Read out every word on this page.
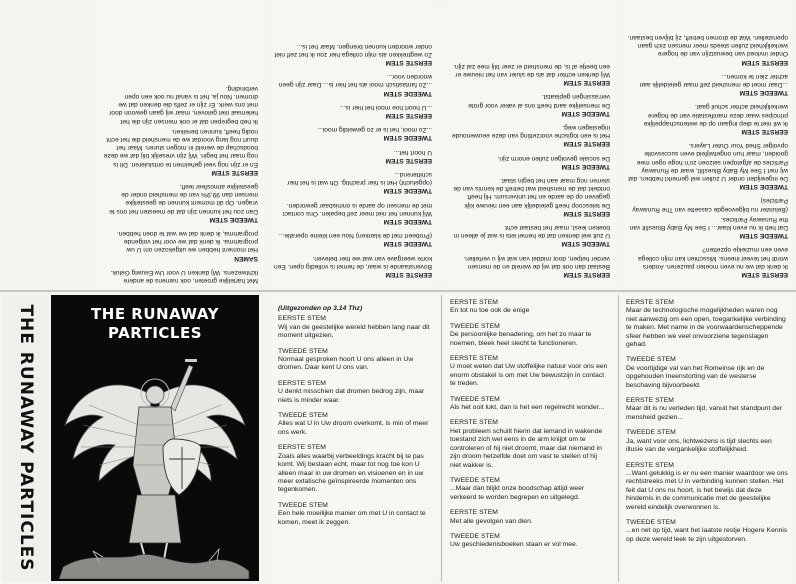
Met hartelijke groeten, ook namens de andere lichtwezens. Wij danken U voor Uw Eeuwig Geluk.

SAMEN

Het moment hebben we uitgekozen om U uw programma. Ik denk dat we voor het volgende programma, ik denk dat we wat te doen hebben.

TWEEDE STEM

Dan zou het kunnen zijn dat de meesten het ons te vragen. Op dit moment kunnen de geestelijke mensen dan 99,9% van de mensheid onder de geestelijke atmosfeer leeft.

EERSTE STEM

En er zijn nog veel geheimen te ontsluieren. Dit is nog maar het begin. Wij zijn vreselijk blij dat we deze boodschap de wereld in mogen sturen. Maar het duurt nog lang voordat we de mensheid die het echt nodig heeft, kunnen bereiken.

Ik heb begrepen dat er ook mensen zijn die het helemaal niet geloven, maar wij gaan gewoon door met ons werk. Er zijn er zelfs die denken dat we dromen. Nou ja, het is vanaf nu ook een open verbinding.

EERSTE STEM

Bovenstaande is waar, de hemel is volledig open. Een korte weergave van wat we hier beleven.

TWEEDE STEM

(Probeert met de klanken) Nou een kleine operatie...

TWEEDE STEM

Wij kunnen het niet meer zelf bepalen. Ons contact met de mensen op aarde is onmisbaar geworden.

TWEEDE STEM

(opgelucht) Het is hier prachtig. Oh wat is het hier schitterend...

EERSTE STEM

U hoort het...

TWEEDE STEM

...Zo mooi, het is er zo geweldig mooi...

EERSTE STEM

...U hoort hoe mooi het hier is...

TWEEDE STEM

...Zo fantastisch mooi als het hier is... Daar zijn geen woorden voor...

EERSTE STEM

Zo wegtrekken als mijn collega hier zou ik het zelf niet onder woorden kunnen brengen. Maar het is...

EERSTE STEM

Bestaat dan ook dat wij de wereld en de mensen verder helpen, door middel van wat wij u vertellen.

TWEEDE STEM

U zult wel denken dat de hemel iets is wat je alleen in boeken leest, maar het bestaat echt.

EERSTE STEM

De telescoop heeft geleidelijk aan een nieuwe kijk gegeven op de aarde en het universum. Hij heeft ontdekt dat de mensheid wat betreft de kennis van de sterren nog maar aan het begin staat.

TWEEDE STEM

De sociale gevolgen zullen enorm zijn.

EERSTE STEM

Het is een logische voorzetting van deze eeuwenoude ingeslagen weg.

TWEEDE STEM

De menselijke aard heeft ons al vaker voor grote verrassingen geplaatst.

EERSTE STEM

Wij denken echter dat als de sluier van het nieuwe er een beetje af is, de mensheid er zeer blij mee zal zijn.

EERSTE STEM

Ik denk dat we nu even moeten pauzeren. Anders wordt het teveel ineens. Misschien kan mijn collega even een muziekje opzetten?

TWEEDE STEM

Dat heb ik nu even klaar... I See My Baby Bluesfilt van the Runaway Particles.

(Beluister nu bijgevoegde cassette van The Runaway Particles)

TWEEDE STEM

De ingewijden onder U zullen wel gemerkt hebben, dat wij met I See My Baby Bluesfilt, waar de Runaway Particles de afgelopen seizoen zo'n hoge ogen mee gooiden, maar hun ongetwijfeld even succesvolle opvolger Shed Your Outer Layers.

EERSTE STEM

Ik wil niet te diep ingaan op de wetenschappelijke principes waar deze manifestatie van de hogere werkelijkheid achter schuil gaat.

TWEEDE STEM

...Daar moet de mensheid zelf maar geleidelijk aan achter zien te komen...

EERSTE STEM

Onder invloed van bewustzijn van de hogere werkelijkheid zullen steeds meer mensen zich gaan openstellen. Wat de dromen betreft, zij blijven bestaan.

THE RUNAWAY PARTICLES	THE RUNAWAY
PARTICLES

(Uitgezonden op 3.14 Thz)

EERSTE STEM

Wij van de geestelijke wereld hebben lang naar dit moment uitgezien.

TWEEDE STEM

Normaal gesproken hoort U ons alleen in Uw dromen. Daar kent U ons van.

EERSTE STEM

U denkt misschien dat dromen bedrog zijn, maar niets is minder waar.

TWEEDE STEM

Alles wat U in Uw droom overkomt, is min of meer ons werk.

EERSTE STEM

Zoals alles waarbij verbeeldings kracht bij te pas komt. Wij bestaan echt, maar tot nog toe kon U alleen maar in uw dromen en visioenen en in uw meer extatische geïnspireerde momenten ons tegenkomen.

TWEEDE STEM

Een hele moeilijke manier om met U in contact te komen, meet ik zeggen.

EERSTE STEM

En tot nu toe ook de enige

TWEEDE STEM

De persoonlijke benadering, om het zo maar te noemen, bleek heel slecht te functioneren.

EERSTE STEM

U moet weten dat Uw stoffelijke natuur voor ons een enorm obstakel is om met Uw bewustzijn in contact te treden.

TWEEDE STEM

Als het ooit lukt, dan is het een regelrecht wonder...

EERSTE STEM

Het probleem schuilt hierin dat iemand in wakende toestand zich wel eens in de arm knijpt om te controleren of hij niet droomt, maar dat niemand in zijn droom hetzelfde doet om vast te stellen of hij niet wakker is.

TWEEDE STEM

...Maar dan blijkt onze boodschap altijd weer verkeerd te worden begrepen en uitgelegd.

EERSTE STEM

Met alle gevolgen van dien.

TWEEDE STEM

Uw geschiedenisboeken staan er vol mee.

EERSTE STEM

Maar de technologische mogelijkheden waren nog niet aanwezig om een open, toegankelijke verbinding te maken. Met name in de voorwaardenscheppende sfeer hebben we veel onvoorziene tegenslagen gehad.

TWEEDE STEM

De voortijdige val van het Romeinse rijk en de opgehouden Ineenstorting van de westerse beschaving bijvoorbeeld.

EERSTE STEM

Maar dit is nu verleden tijd, vanuit het standpunt der mensheid gezien...

TWEEDE STEM

Ja, want voor ons, lichtwezens is tijd slechts een illusie van de vergankelijke stoffelijkheid.

EERSTE STEM

...Want gelukkig is er nu een manier waardoor we ons rechtstreeks met U in verbinding kunnen stellen. Het feit dat U ons nu hoort, is het bewijs dat deze hindernis in de communicatie met de geestelijke wereld eindelijk overwonnen is.

TWEEDE STEM

...en net op tijd, want het laatste restje Hogere Kennis op deze wereld leek te zijn uitgestorven.
